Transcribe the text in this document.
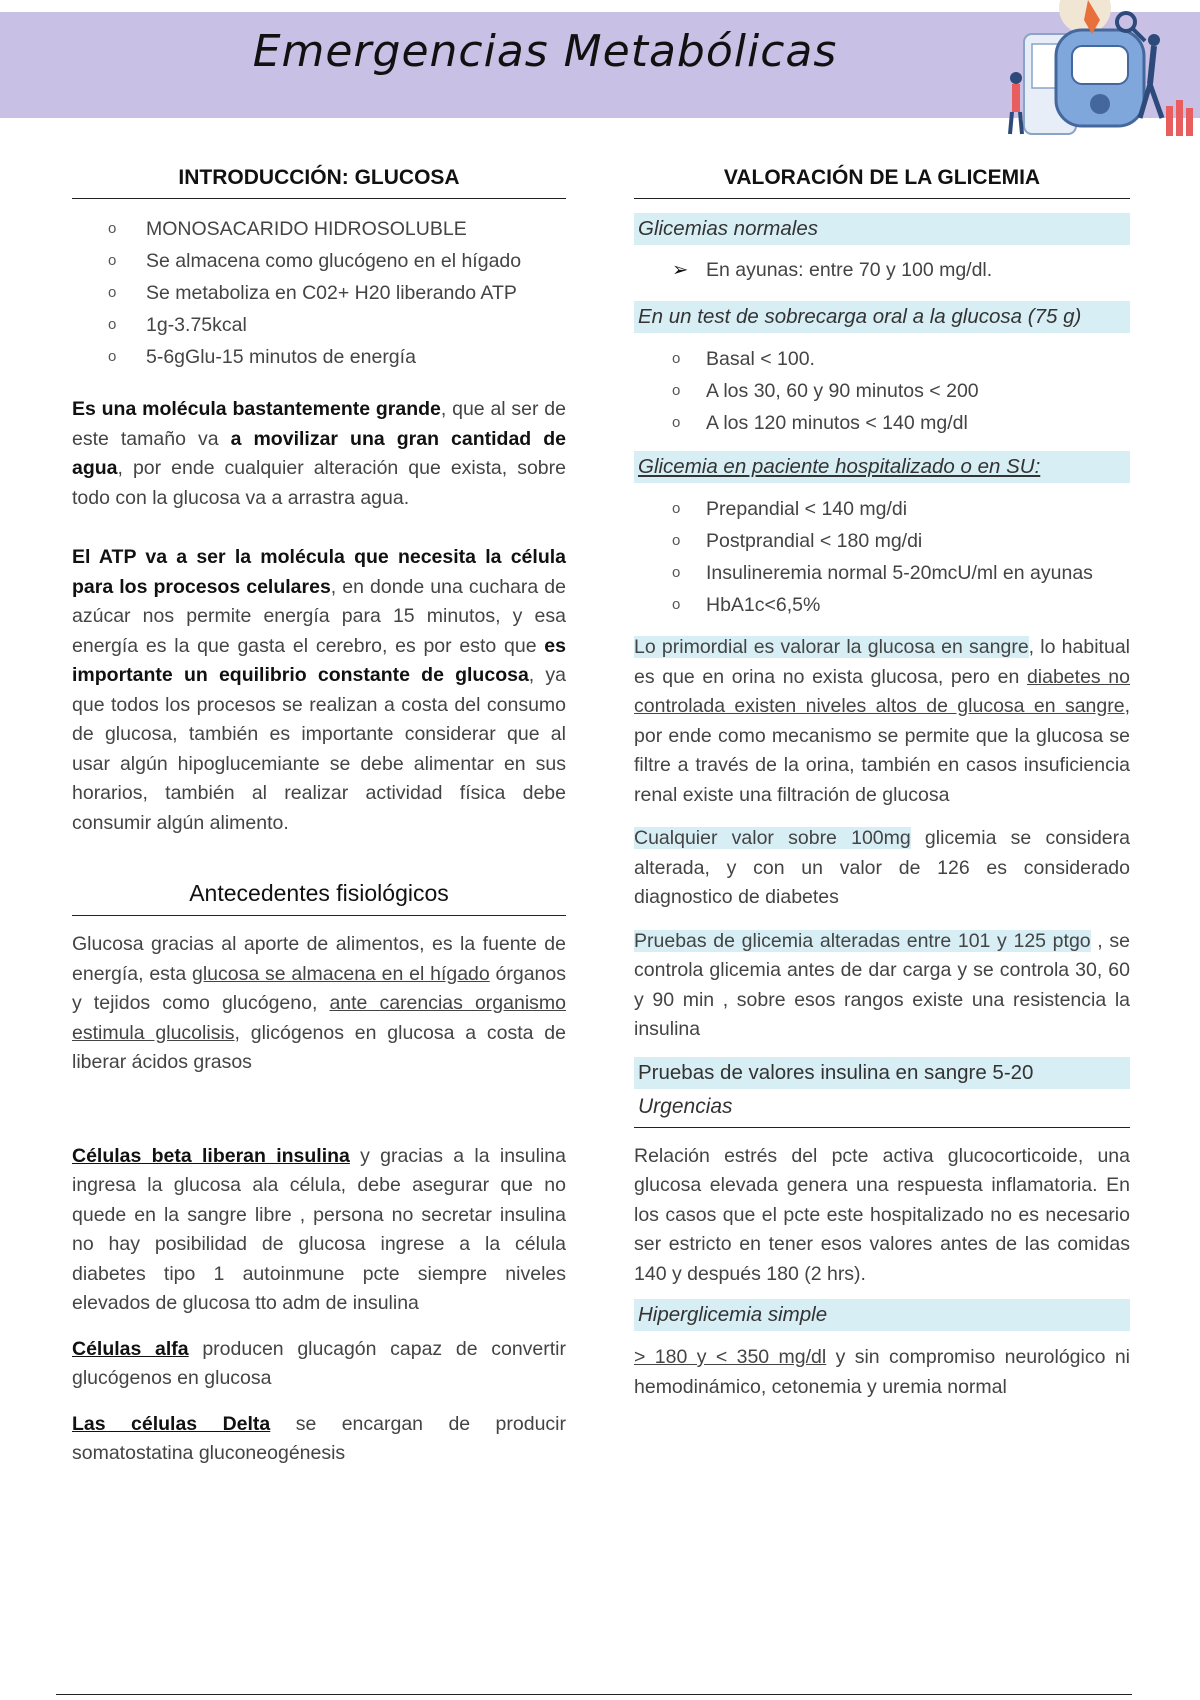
Emergencias Metabólicas
INTRODUCCIÓN: GLUCOSA
o MONOSACARIDO HIDROSOLUBLE
o Se almacena como glucógeno en el hígado
o Se metaboliza en C02+ H20 liberando ATP
o 1g-3.75kcal
o 5-6gGlu-15 minutos de energía

Es una molécula bastantemente grande, que al ser de este tamaño va a movilizar una gran cantidad de agua, por ende cualquier alteración que exista, sobre todo con la glucosa va a arrastra agua.

El ATP va a ser la molécula que necesita la célula para los procesos celulares, en donde una cuchara de azúcar nos permite energía para 15 minutos, y esa energía es la que gasta el cerebro, es por esto que es importante un equilibrio constante de glucosa, ya que todos los procesos se realizan a costa del consumo de glucosa, también es importante considerar que al usar algún hipoglucemiante se debe alimentar en sus horarios, también al realizar actividad física debe consumir algún alimento.

Antecedentes fisiológicos

Glucosa gracias al aporte de alimentos, es la fuente de energía, esta glucosa se almacena en el hígado órganos y tejidos como glucógeno, ante carencias organismo estimula glucolisis, glicógenos en glucosa a costa de liberar ácidos grasos

Células beta liberan insulina y gracias a la insulina ingresa la glucosa ala célula, debe asegurar que no quede en la sangre libre , persona no secretar insulina no hay posibilidad de glucosa ingrese a la célula diabetes tipo 1 autoinmune pcte siempre niveles elevados de glucosa tto adm de insulina

Células alfa producen glucagón capaz de convertir glucógenos en glucosa

Las células Delta se encargan de producir somatostatina gluconeogénesis

VALORACIÓN DE LA GLICEMIA
Glicemias normales
➢ En ayunas: entre 70 y 100 mg/dl.
En un test de sobrecarga oral a la glucosa (75 g)
o Basal < 100.
o A los 30, 60 y 90 minutos < 200
o A los 120 minutos < 140 mg/dl
Glicemia en paciente hospitalizado o en SU:
o Prepandial < 140 mg/di
o Postprandial < 180 mg/di
o Insulineremia normal 5-20mcU/ml en ayunas
o HbA1c<6,5%

Lo primordial es valorar la glucosa en sangre, lo habitual es que en orina no exista glucosa, pero en diabetes no controlada existen niveles altos de glucosa en sangre, por ende como mecanismo se permite que la glucosa se filtre a través de la orina, también en casos insuficiencia renal existe una filtración de glucosa

Cualquier valor sobre 100mg glicemia se considera alterada, y con un valor de 126 es considerado diagnostico de diabetes

Pruebas de glicemia alteradas entre 101 y 125 ptgo , se controla glicemia antes de dar carga y se controla 30, 60 y 90 min , sobre esos rangos existe una resistencia la insulina

Pruebas de valores insulina en sangre 5-20
Urgencias

Relación estrés del pcte activa glucocorticoide, una glucosa elevada genera una respuesta inflamatoria. En los casos que el pcte este hospitalizado no es necesario ser estricto en tener esos valores antes de las comidas 140 y después 180 (2 hrs).

Hiperglicemia simple

> 180 y < 350 mg/dl y sin compromiso neurológico ni hemodinámico, cetonemia y uremia normal
